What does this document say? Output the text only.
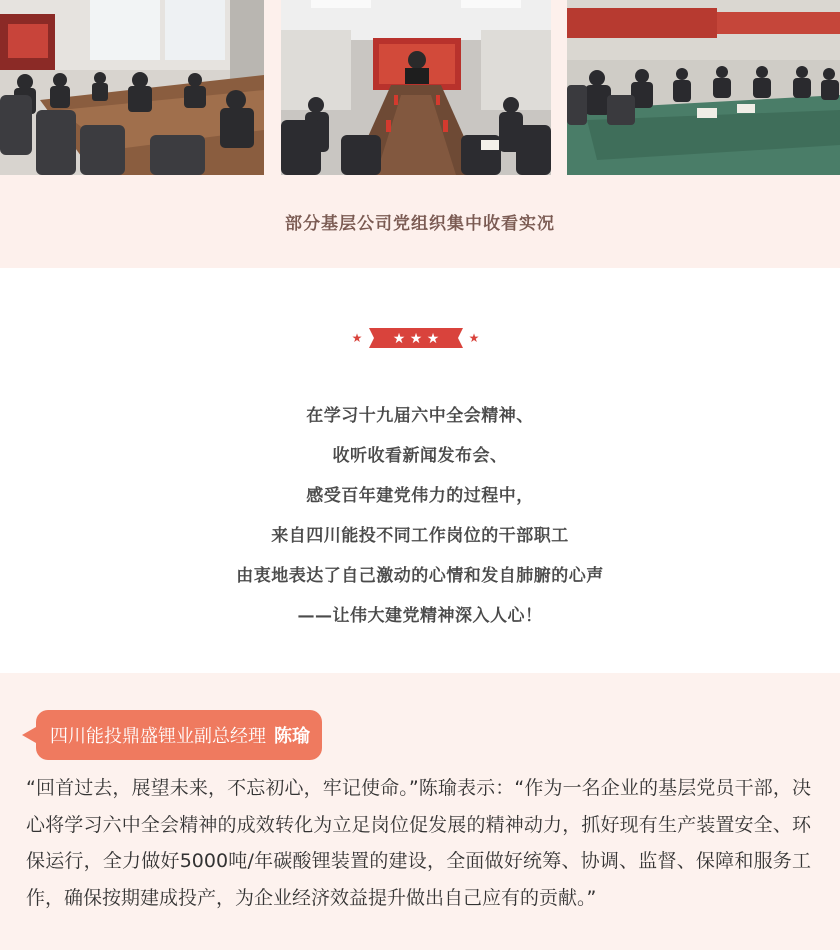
部分基层公司党组织集中收看实况
★ ★ ★ ★ ★
在学习十九届六中全会精神、
收听收看新闻发布会、
感受百年建党伟力的过程中，
来自四川能投不同工作岗位的干部职工
由衷地表达了自己激动的心情和发自肺腑的心声
——让伟大建党精神深入人心！
四川能投鼎盛锂业副总经理 陈瑜
“回首过去，展望未来，不忘初心，牢记使命。”陈瑜表示：“作为一名企业的基层党员干部，决心将学习六中全会精神的成效转化为立足岗位促发展的精神动力，抓好现有生产装置安全、环保运行，全力做好5000吨/年碳酸锂装置的建设，全面做好统筹、协调、监督、保障和服务工作，确保按期建成投产，为企业经济效益提升做出自己应有的贡献。”
